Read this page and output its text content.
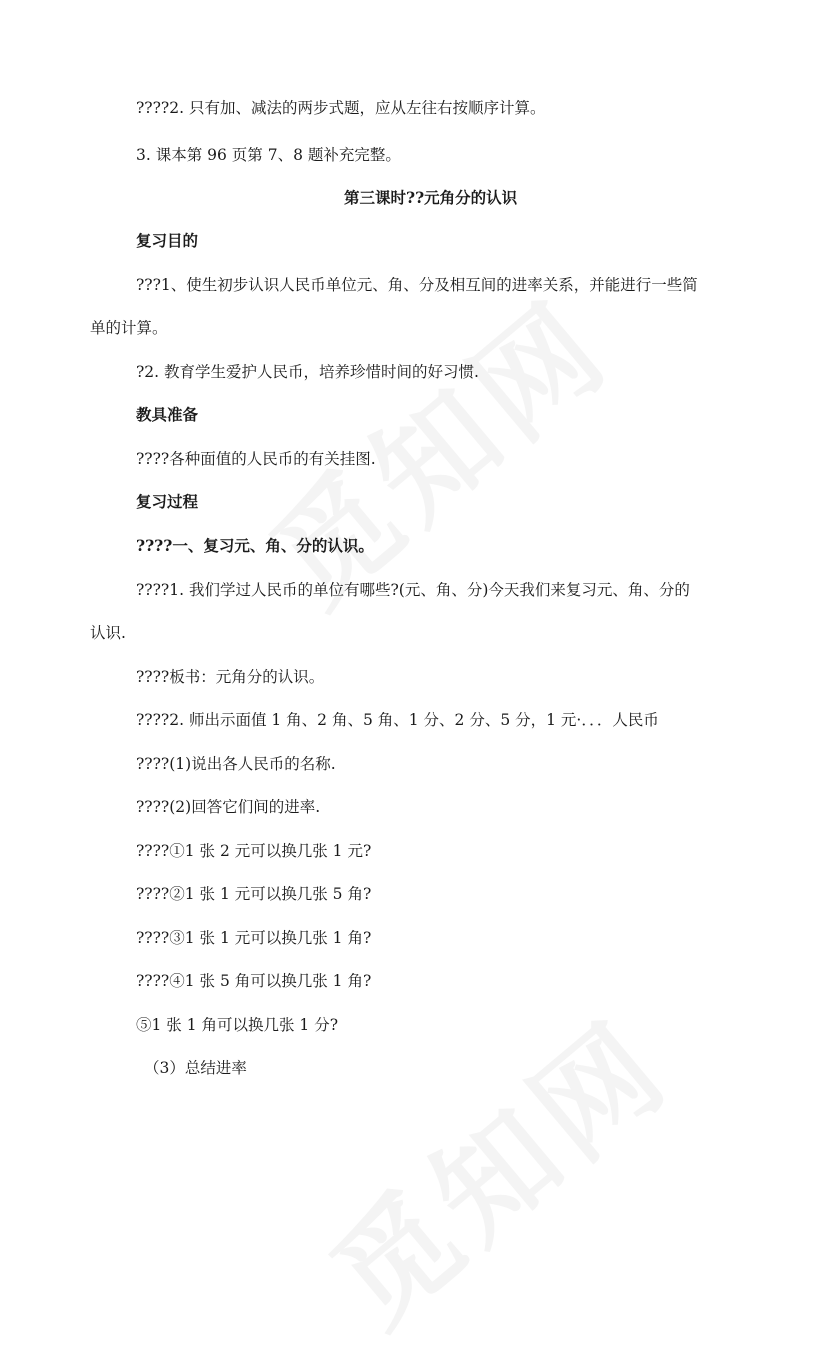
????2. 只有加、减法的两步式题，应从左往右按顺序计算。
3. 课本第 96 页第 7、8 题补充完整。
第三课时??元角分的认识
复习目的
???1、使生初步认识人民币单位元、角、分及相互间的进率关系，并能进行一些简
单的计算。
?2. 教育学生爱护人民币，培养珍惜时间的好习惯.
教具准备
????各种面值的人民币的有关挂图.
复习过程
????一、复习元、角、分的认识。
????1. 我们学过人民币的单位有哪些?(元、角、分)今天我们来复习元、角、分的
认识.
????板书：元角分的认识。
????2. 师出示面值 1 角、2 角、5 角、1 分、2 分、5 分，1 元·．．．人民币
????(1)说出各人民币的名称.
????(2)回答它们间的进率.
????①1 张 2 元可以换几张 1 元?
????②1 张 1 元可以换几张 5 角?
????③1 张 1 元可以换几张 1 角?
????④1 张 5 角可以换几张 1 角?
⑤1 张 1 角可以换几张 1 分?
（3）总结进率
